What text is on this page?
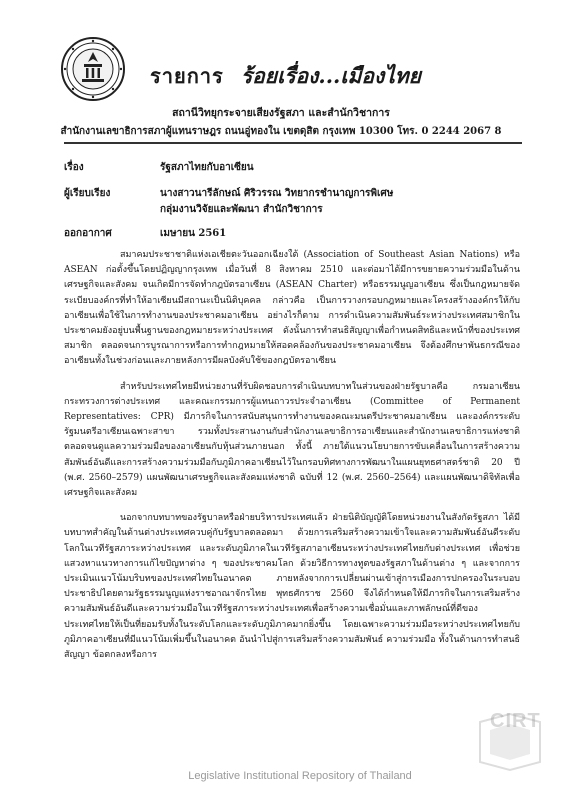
รายการ ร้อยเรื่อง...เมืองไทย
สถานีวิทยุกระจายเสียงรัฐสภา และสำนักวิชาการ
สำนักงานเลขาธิการสภาผู้แทนราษฎร ถนนอู่ทองใน เขตดุสิต กรุงเทพ 10300 โทร. 0 2244 2067 8
เรื่อง	รัฐสภาไทยกับอาเซียน
ผู้เรียบเรียง	นางสาวนารีลักษณ์ ศิริวรรณ วิทยากรชำนาญการพิเศษ
กลุ่มงานวิจัยและพัฒนา สำนักวิชาการ
ออกอากาศ	เมษายน 2561

สมาคมประชาชาติแห่งเอเชียตะวันออกเฉียงใต้ (Association of Southeast Asian Nations) หรือ ASEAN ก่อตั้งขึ้นโดยปฏิญญากรุงเทพ เมื่อวันที่ 8 สิงหาคม 2510 และต่อมาได้มีการขยายความร่วมมือในด้านเศรษฐกิจและสังคม จนเกิดมีการจัดทำกฎบัตรอาเซียน (ASEAN Charter) หรือธรรมนูญอาเซียน ซึ่งเป็นกฎหมายจัดระเบียบองค์กรที่ทำให้อาเซียนมีสถานะเป็นนิติบุคคล กล่าวคือ เป็นการวางกรอบกฎหมายและโครงสร้างองค์กรให้กับอาเซียนเพื่อใช้ในการทำงานของประชาคมอาเซียน อย่างไรก็ตาม การดำเนินความสัมพันธ์ระหว่างประเทศสมาชิกในประชาคมยังอยู่บนพื้นฐานของกฎหมายระหว่างประเทศ ดังนั้นการทำสนธิสัญญาเพื่อกำหนดสิทธิและหน้าที่ของประเทศสมาชิก ตลอดจนการบูรณาการหรือการทำกฎหมายให้สอดคล้องกันของประชาคมอาเซียน จึงต้องศึกษาพันธกรณีของอาเซียนทั้งในช่วงก่อนและภายหลังการมีผลบังคับใช้ของกฎบัตรอาเซียน

สำหรับประเทศไทยมีหน่วยงานที่รับผิดชอบการดำเนินบทบาทในส่วนของฝ่ายรัฐบาลคือ กรมอาเซียน กระทรวงการต่างประเทศ และคณะกรรมการผู้แทนถาวรประจำอาเซียน (Committee of Permanent Representatives: CPR) มีภารกิจในการสนับสนุนการทำงานของคณะมนตรีประชาคมอาเซียน และองค์กรระดับรัฐมนตรีอาเซียนเฉพาะสาขา รวมทั้งประสานงานกับสำนักงานเลขาธิการอาเซียนและสำนักงานเลขาธิการแห่งชาติ ตลอดจนดูแลความร่วมมือของอาเซียนกับหุ้นส่วนภายนอก ทั้งนี้ ภายใต้แนวนโยบายการขับเคลื่อนในการสร้างความสัมพันธ์อันดีและการสร้างความร่วมมือกับภูมิภาคอาเซียนไว้ในกรอบทิศทางการพัฒนาในแผนยุทธศาสตร์ชาติ 20 ปี (พ.ศ. 2560–2579) แผนพัฒนาเศรษฐกิจและสังคมแห่งชาติ ฉบับที่ 12 (พ.ศ. 2560–2564) และแผนพัฒนาดิจิทัลเพื่อเศรษฐกิจและสังคม

นอกจากบทบาทของรัฐบาลหรือฝ่ายบริหารประเทศแล้ว ฝ่ายนิติบัญญัติโดยหน่วยงานในสังกัดรัฐสภา ได้มีบทบาทสำคัญในด้านต่างประเทศควบคู่กับรัฐบาลตลอดมา ด้วยการเสริมสร้างความเข้าใจและความสัมพันธ์อันดีระดับโลกในเวทีรัฐสภาระหว่างประเทศ และระดับภูมิภาคในเวทีรัฐสภาอาเซียนระหว่างประเทศไทยกับต่างประเทศ เพื่อช่วยแสวงหาแนวทางการแก้ไขปัญหาต่าง ๆ ของประชาคมโลก ด้วยวิธีการทางทูตของรัฐสภาในด้านต่าง ๆ และจากการประเมินแนวโน้มบริบทของประเทศไทยในอนาคต ภายหลังจากการเปลี่ยนผ่านเข้าสู่การเมืองการปกครองในระบอบประชาธิปไตยตามรัฐธรรมนูญแห่งราชอาณาจักรไทย พุทธศักราช 2560 จึงได้กำหนดให้มีภารกิจในการเสริมสร้างความสัมพันธ์อันดีและความร่วมมือในเวทีรัฐสภาระหว่างประเทศเพื่อสร้างความเชื่อมั่นและภาพลักษณ์ที่ดีของประเทศไทยให้เป็นที่ยอมรับทั้งในระดับโลกและระดับภูมิภาคมากยิ่งขึ้น โดยเฉพาะความร่วมมือระหว่างประเทศไทยกับภูมิภาคอาเซียนที่มีแนวโน้มเพิ่มขึ้นในอนาคต อันนำไปสู่การเสริมสร้างความสัมพันธ์ ความร่วมมือ ทั้งในด้านการทำสนธิสัญญา ข้อตกลงหรือการ

CIRT
Legislative Institutional Repository of Thailand
